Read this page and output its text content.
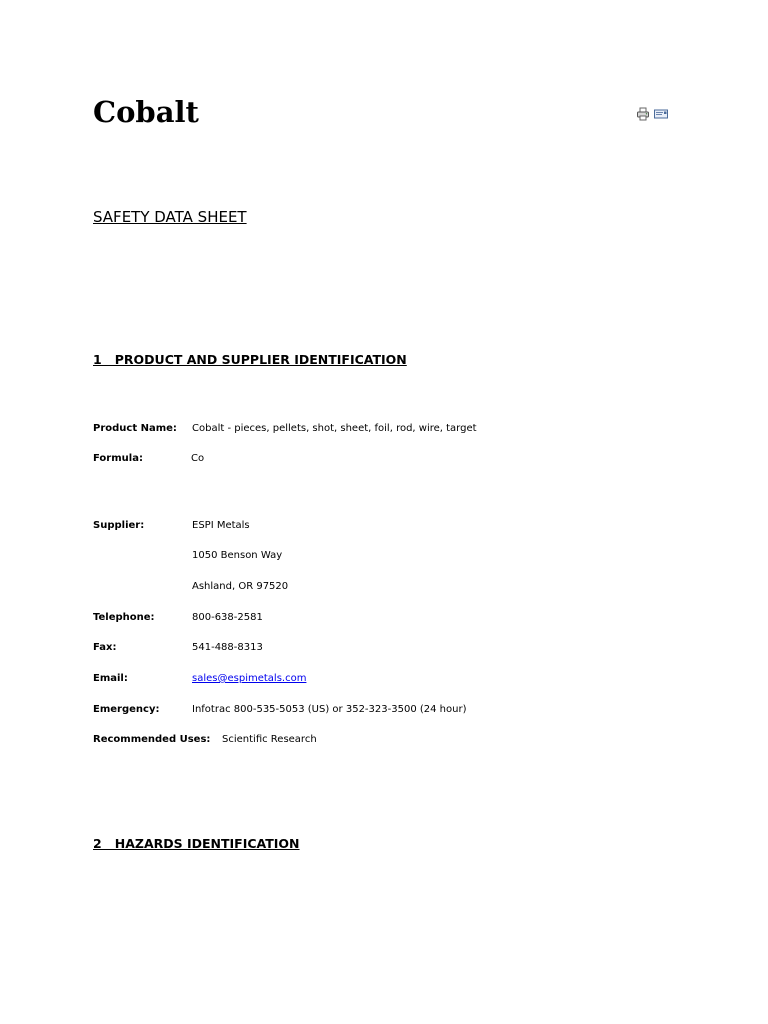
Cobalt
SAFETY DATA SHEET
1   PRODUCT AND SUPPLIER IDENTIFICATION
Product Name: Cobalt - pieces, pellets, shot, sheet, foil, rod, wire, target
Formula:	Co
Supplier:	ESPI Metals
1050 Benson Way
Ashland, OR 97520
Telephone:	800-638-2581
Fax:	541-488-8313
Email:	sales@espimetals.com
Emergency:	Infotrac 800-535-5053 (US) or 352-323-3500 (24 hour)
Recommended Uses: Scientific Research
2   HAZARDS IDENTIFICATION
